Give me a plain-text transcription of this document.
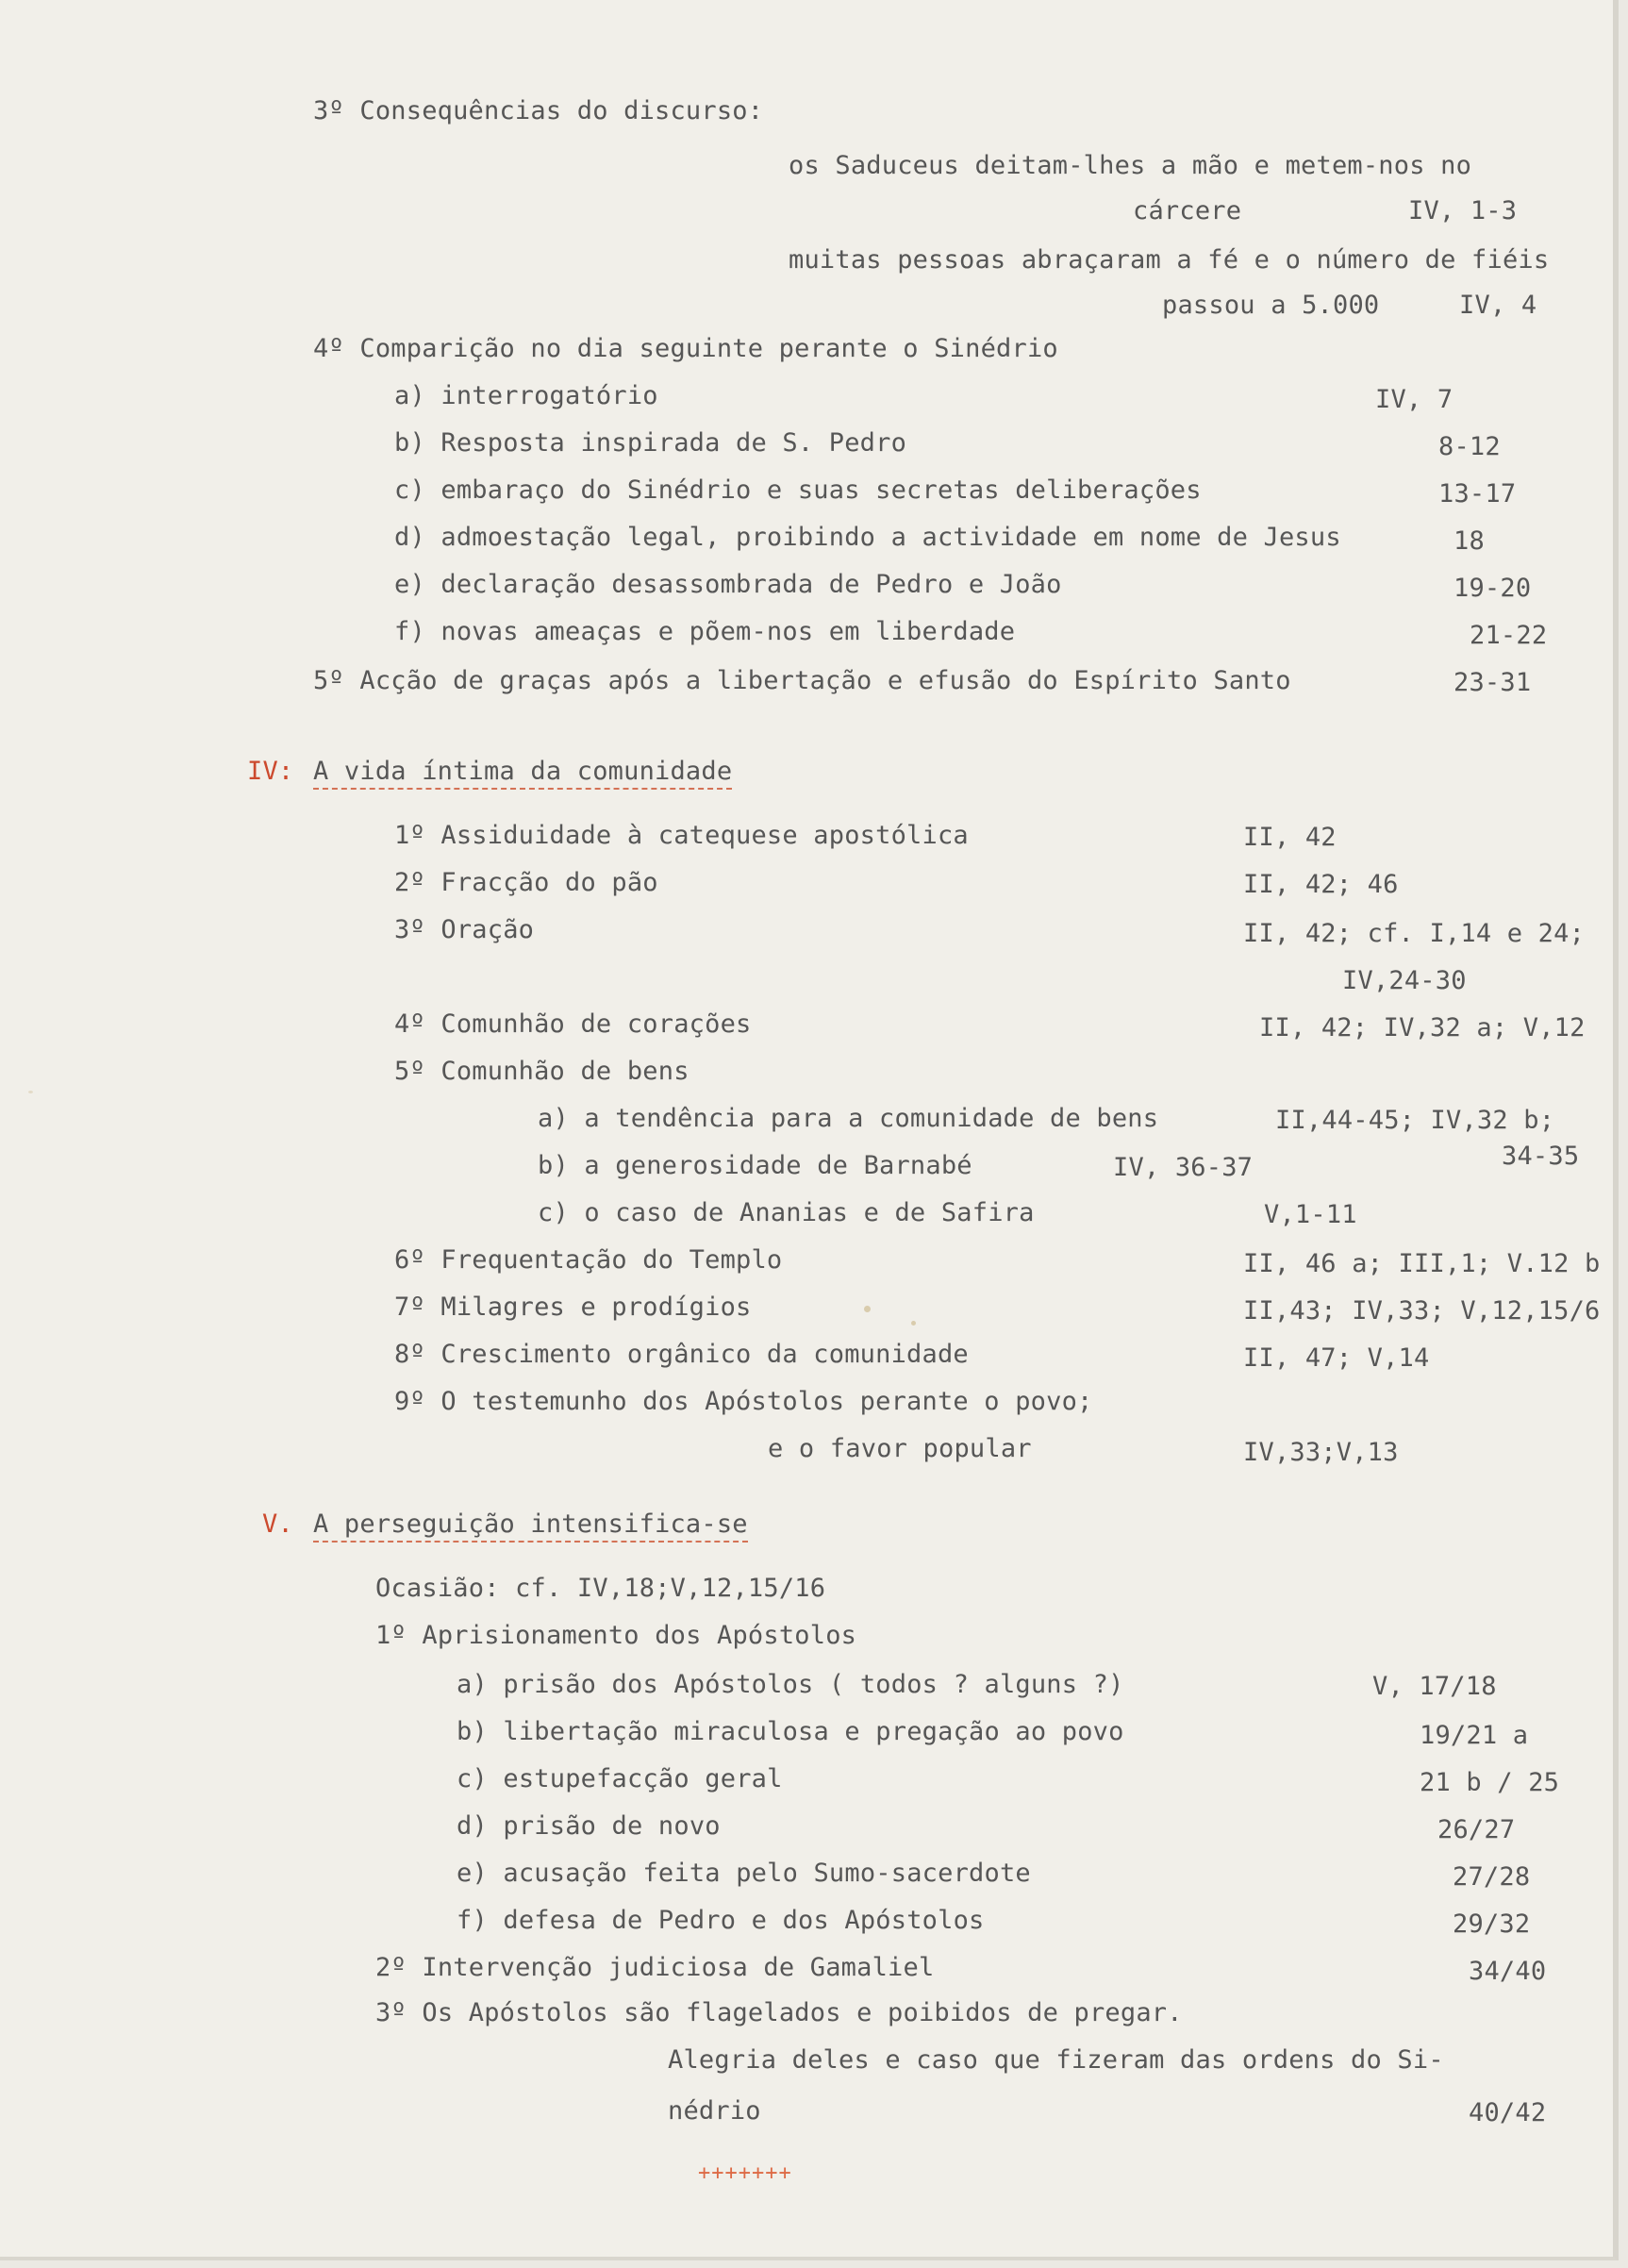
3º Consequências do discurso:
os Saduceus deitam-lhes a mão e metem-nos no
cárcere	IV, 1-3
muitas pessoas abraçaram a fé e o número de fiéis
passou a 5.000	IV, 4
4º Comparição no dia seguinte perante o Sinédrio
a) interrogatório	IV, 7
b) Resposta inspirada de S. Pedro	8-12
c) embaraço do Sinédrio e suas secretas deliberações	13-17
d) admoestação legal, proibindo a actividade em nome de Jesus	18
e) declaração desassombrada de Pedro e João	19-20
f) novas ameaças e põem-nos em liberdade	21-22
5º Acção de graças após a libertação e efusão do Espírito Santo	23-31
IV: A vida íntima da comunidade
1º Assiduidade à catequese apostólica	II, 42
2º Fracção do pão	II, 42; 46
3º Oração	II, 42; cf. I,14 e 24;
IV,24-30
4º Comunhão de corações	II, 42; IV,32 a; V,12
5º Comunhão de bens
a) a tendência para a comunidade de bens	II,44-45; IV,32 b;
34-35
b) a generosidade de Barnabé	IV, 36-37
c) o caso de Ananias e de Safira	V,1-11
6º Frequentação do Templo	II, 46 a; III,1; V.12 b
7º Milagres e prodígios	II,43; IV,33; V,12,15/6
8º Crescimento orgânico da comunidade	II, 47; V,14
9º O testemunho dos Apóstolos perante o povo;
e o favor popular	IV,33;V,13
V. A perseguição intensifica-se
Ocasião: cf. IV,18;V,12,15/16
1º Aprisionamento dos Apóstolos
a) prisão dos Apóstolos ( todos ? alguns ?)	V, 17/18
b) libertação miraculosa e pregação ao povo	19/21 a
c) estupefacção geral	21 b / 25
d) prisão de novo	26/27
e) acusação feita pelo Sumo-sacerdote	27/28
f) defesa de Pedro e dos Apóstolos	29/32
2º Intervenção judiciosa de Gamaliel	34/40
3º Os Apóstolos são flagelados e poibidos de pregar.
Alegria deles e caso que fizeram das ordens do Si-
nédrio	40/42
+++++++
